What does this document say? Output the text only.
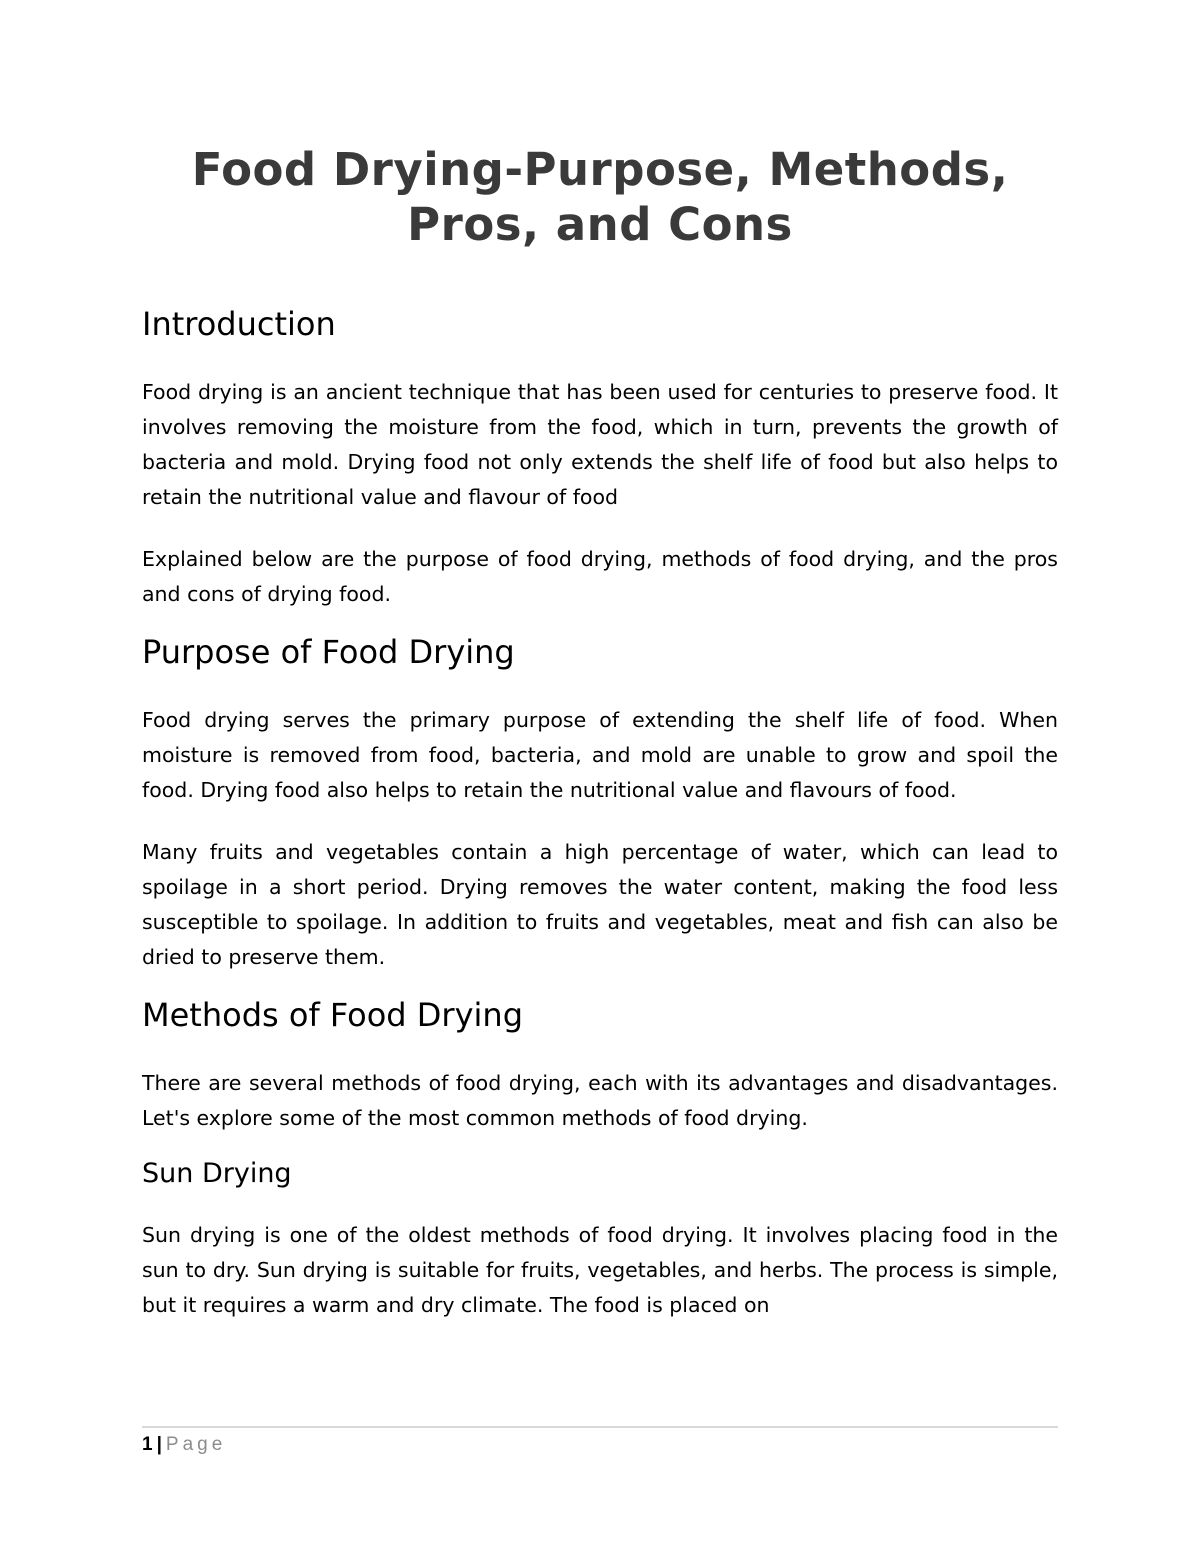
Food Drying-Purpose, Methods,
Pros, and Cons
Introduction

Food drying is an ancient technique that has been used for centuries to preserve food. It involves removing the moisture from the food, which in turn, prevents the growth of bacteria and mold. Drying food not only extends the shelf life of food but also helps to retain the nutritional value and flavour of food

Explained below are the purpose of food drying, methods of food drying, and the pros and cons of drying food.

Purpose of Food Drying

Food drying serves the primary purpose of extending the shelf life of food. When moisture is removed from food, bacteria, and mold are unable to grow and spoil the food. Drying food also helps to retain the nutritional value and flavours of food.

Many fruits and vegetables contain a high percentage of water, which can lead to spoilage in a short period. Drying removes the water content, making the food less susceptible to spoilage. In addition to fruits and vegetables, meat and fish can also be dried to preserve them.

Methods of Food Drying

There are several methods of food drying, each with its advantages and disadvantages. Let's explore some of the most common methods of food drying.

Sun Drying

Sun drying is one of the oldest methods of food drying. It involves placing food in the sun to dry. Sun drying is suitable for fruits, vegetables, and herbs. The process is simple, but it requires a warm and dry climate. The food is placed on

1 | Page
